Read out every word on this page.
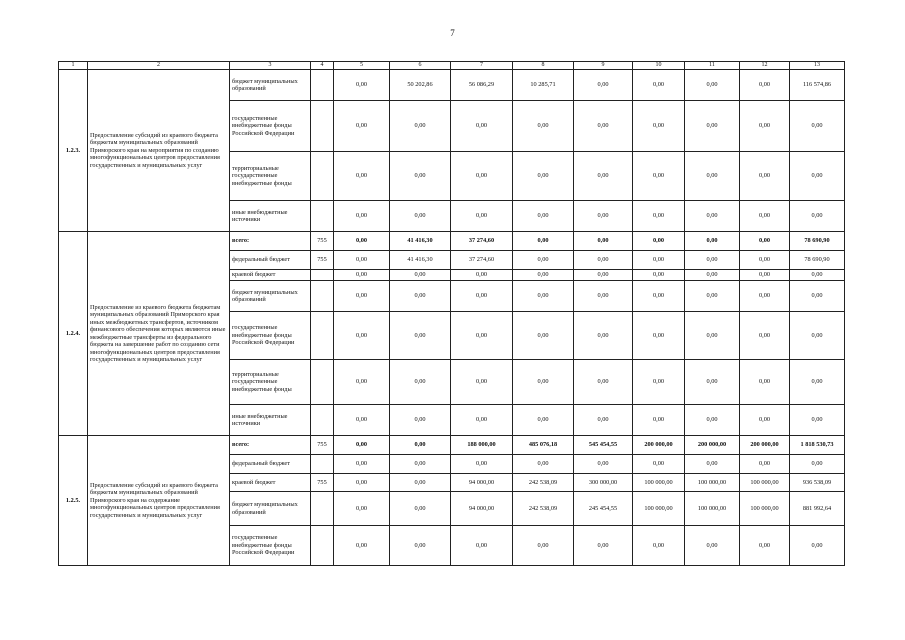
7
1	2	3	4	5	6	7	8	9	10	11	12	13
1.2.3.	Предоставление субсидий из краевого бюджета бюджетам муниципальных образований Приморского края на мероприятия по созданию многофункциональных центров предоставления государственных и муниципальных услуг	бюджет муниципальных образований		0,00	50 202,86	56 086,29	10 285,71	0,00	0,00	0,00	0,00	116 574,86
		государственные внебюджетные фонды Российской Федерации		0,00	0,00	0,00	0,00	0,00	0,00	0,00	0,00	0,00
		территориальные государственные внебюджетные фонды		0,00	0,00	0,00	0,00	0,00	0,00	0,00	0,00	0,00
		иные внебюджетные источники		0,00	0,00	0,00	0,00	0,00	0,00	0,00	0,00	0,00
1.2.4.	Предоставление из краевого бюджета бюджетам муниципальных образований Приморского края иных межбюджетных трансфертов, источником финансового обеспечения которых являются иные межбюджетные трансферты из федерального бюджета на завершение работ по созданию сети многофункциональных центров предоставления государственных и муниципальных услуг	всего:	755	0,00	41 416,30	37 274,60	0,00	0,00	0,00	0,00	0,00	78 690,90
		федеральный бюджет	755	0,00	41 416,30	37 274,60	0,00	0,00	0,00	0,00	0,00	78 690,90
		краевой бюджет		0,00	0,00	0,00	0,00	0,00	0,00	0,00	0,00	0,00
		бюджет муниципальных образований		0,00	0,00	0,00	0,00	0,00	0,00	0,00	0,00	0,00
		государственные внебюджетные фонды Российской Федерации		0,00	0,00	0,00	0,00	0,00	0,00	0,00	0,00	0,00
		территориальные государственные внебюджетные фонды		0,00	0,00	0,00	0,00	0,00	0,00	0,00	0,00	0,00
		иные внебюджетные источники		0,00	0,00	0,00	0,00	0,00	0,00	0,00	0,00	0,00
1.2.5.	Предоставление субсидий из краевого бюджета бюджетам муниципальных образований Приморского края на содержание многофункциональных центров предоставления государственных и муниципальных услуг	всего:	755	0,00	0,00	188 000,00	485 076,18	545 454,55	200 000,00	200 000,00	200 000,00	1 818 530,73
		федеральный бюджет		0,00	0,00	0,00	0,00	0,00	0,00	0,00	0,00	0,00
		краевой бюджет	755	0,00	0,00	94 000,00	242 538,09	300 000,00	100 000,00	100 000,00	100 000,00	936 538,09
		бюджет муниципальных образований		0,00	0,00	94 000,00	242 538,09	245 454,55	100 000,00	100 000,00	100 000,00	881 992,64
		государственные внебюджетные фонды Российской Федерации		0,00	0,00	0,00	0,00	0,00	0,00	0,00	0,00	0,00
